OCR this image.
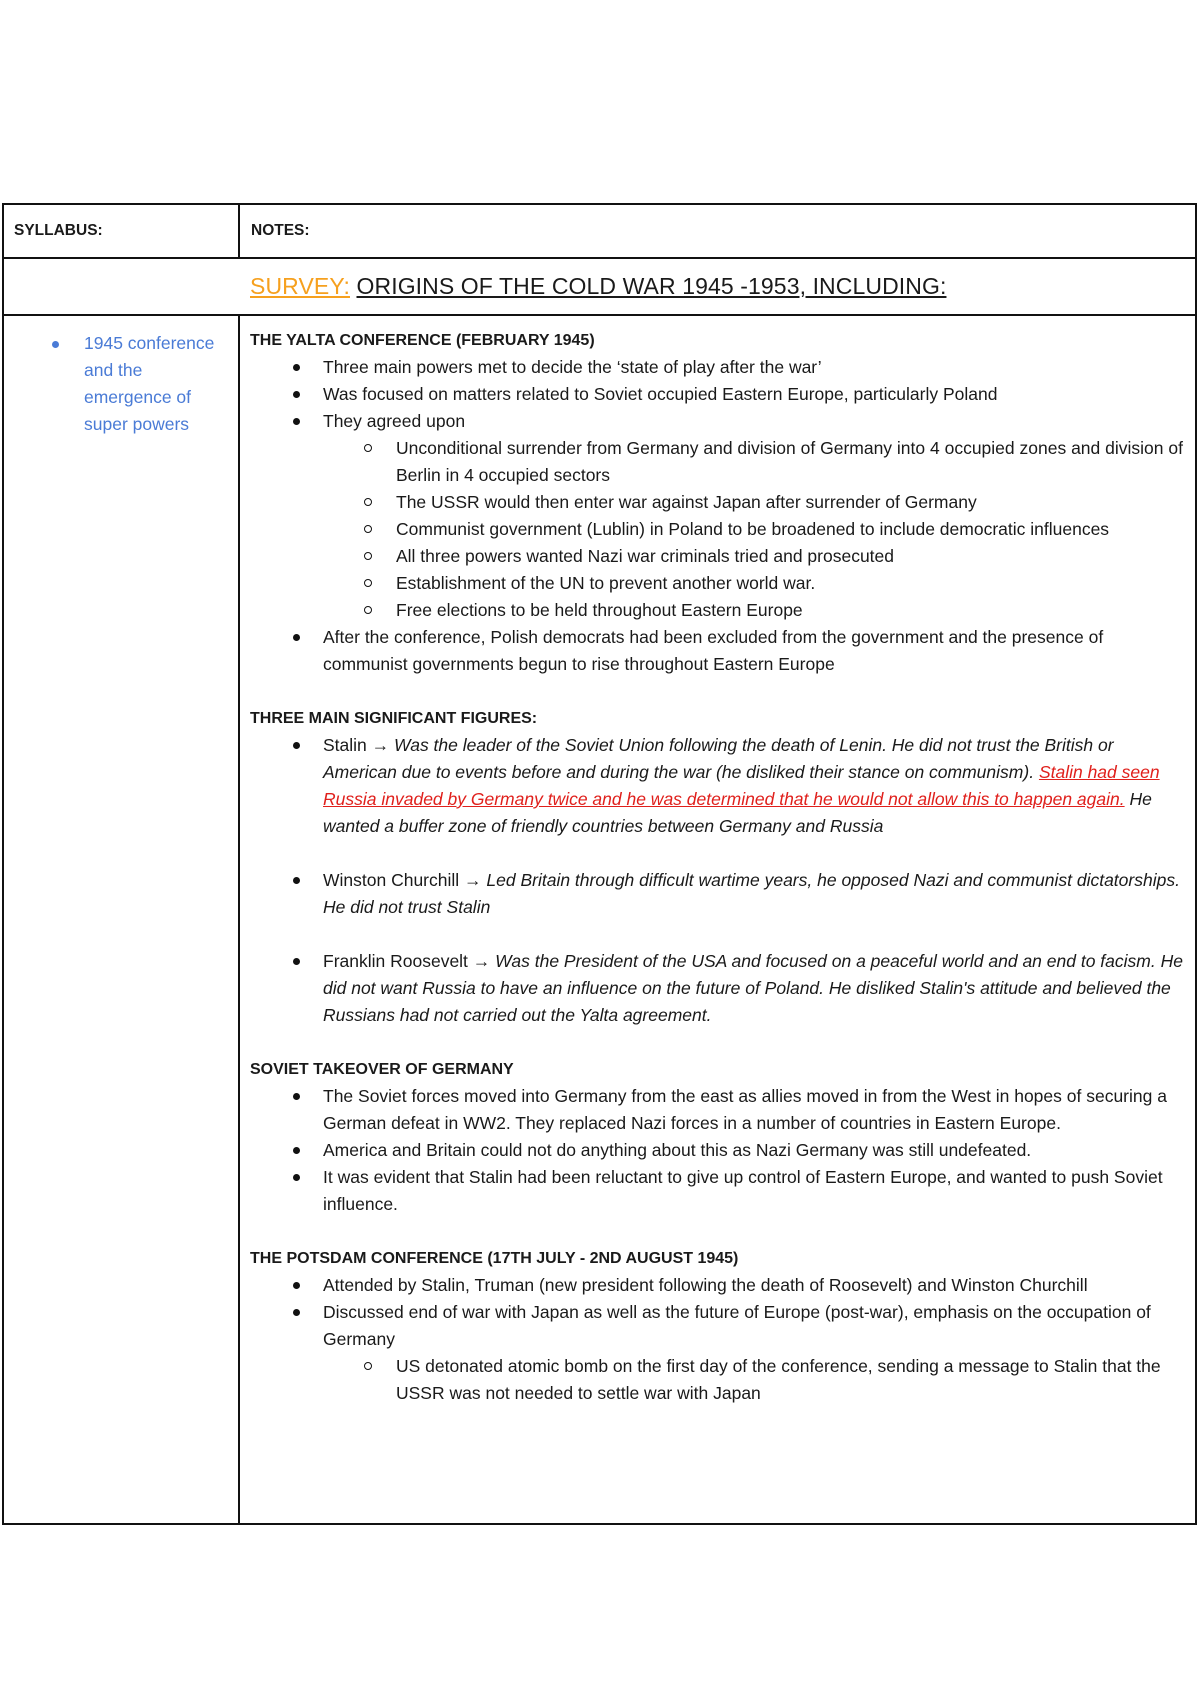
SYLLABUS:	NOTES:
SURVEY: ORIGINS OF THE COLD WAR 1945 -1953, INCLUDING:
1945 conference and the emergence of super powers
THE YALTA CONFERENCE (FEBRUARY 1945)
Three main powers met to decide the ‘state of play after the war’
Was focused on matters related to Soviet occupied Eastern Europe, particularly Poland
They agreed upon
Unconditional surrender from Germany and division of Germany into 4 occupied zones and division of Berlin in 4 occupied sectors
The USSR would then enter war against Japan after surrender of Germany
Communist government (Lublin) in Poland to be broadened to include democratic influences
All three powers wanted Nazi war criminals tried and prosecuted
Establishment of the UN to prevent another world war.
Free elections to be held throughout Eastern Europe
After the conference, Polish democrats had been excluded from the government and the presence of communist governments begun to rise throughout Eastern Europe
THREE MAIN SIGNIFICANT FIGURES:
Stalin → Was the leader of the Soviet Union following the death of Lenin. He did not trust the British or American due to events before and during the war (he disliked their stance on communism). Stalin had seen Russia invaded by Germany twice and he was determined that he would not allow this to happen again. He wanted a buffer zone of friendly countries between Germany and Russia
Winston Churchill → Led Britain through difficult wartime years, he opposed Nazi and communist dictatorships. He did not trust Stalin
Franklin Roosevelt → Was the President of the USA and focused on a peaceful world and an end to facism. He did not want Russia to have an influence on the future of Poland. He disliked Stalin's attitude and believed the Russians had not carried out the Yalta agreement.
SOVIET TAKEOVER OF GERMANY
The Soviet forces moved into Germany from the east as allies moved in from the West in hopes of securing a German defeat in WW2. They replaced Nazi forces in a number of countries in Eastern Europe.
America and Britain could not do anything about this as Nazi Germany was still undefeated.
It was evident that Stalin had been reluctant to give up control of Eastern Europe, and wanted to push Soviet influence.
THE POTSDAM CONFERENCE (17TH JULY - 2ND AUGUST 1945)
Attended by Stalin, Truman (new president following the death of Roosevelt) and Winston Churchill
Discussed end of war with Japan as well as the future of Europe (post-war), emphasis on the occupation of Germany
US detonated atomic bomb on the first day of the conference, sending a message to Stalin that the USSR was not needed to settle war with Japan
